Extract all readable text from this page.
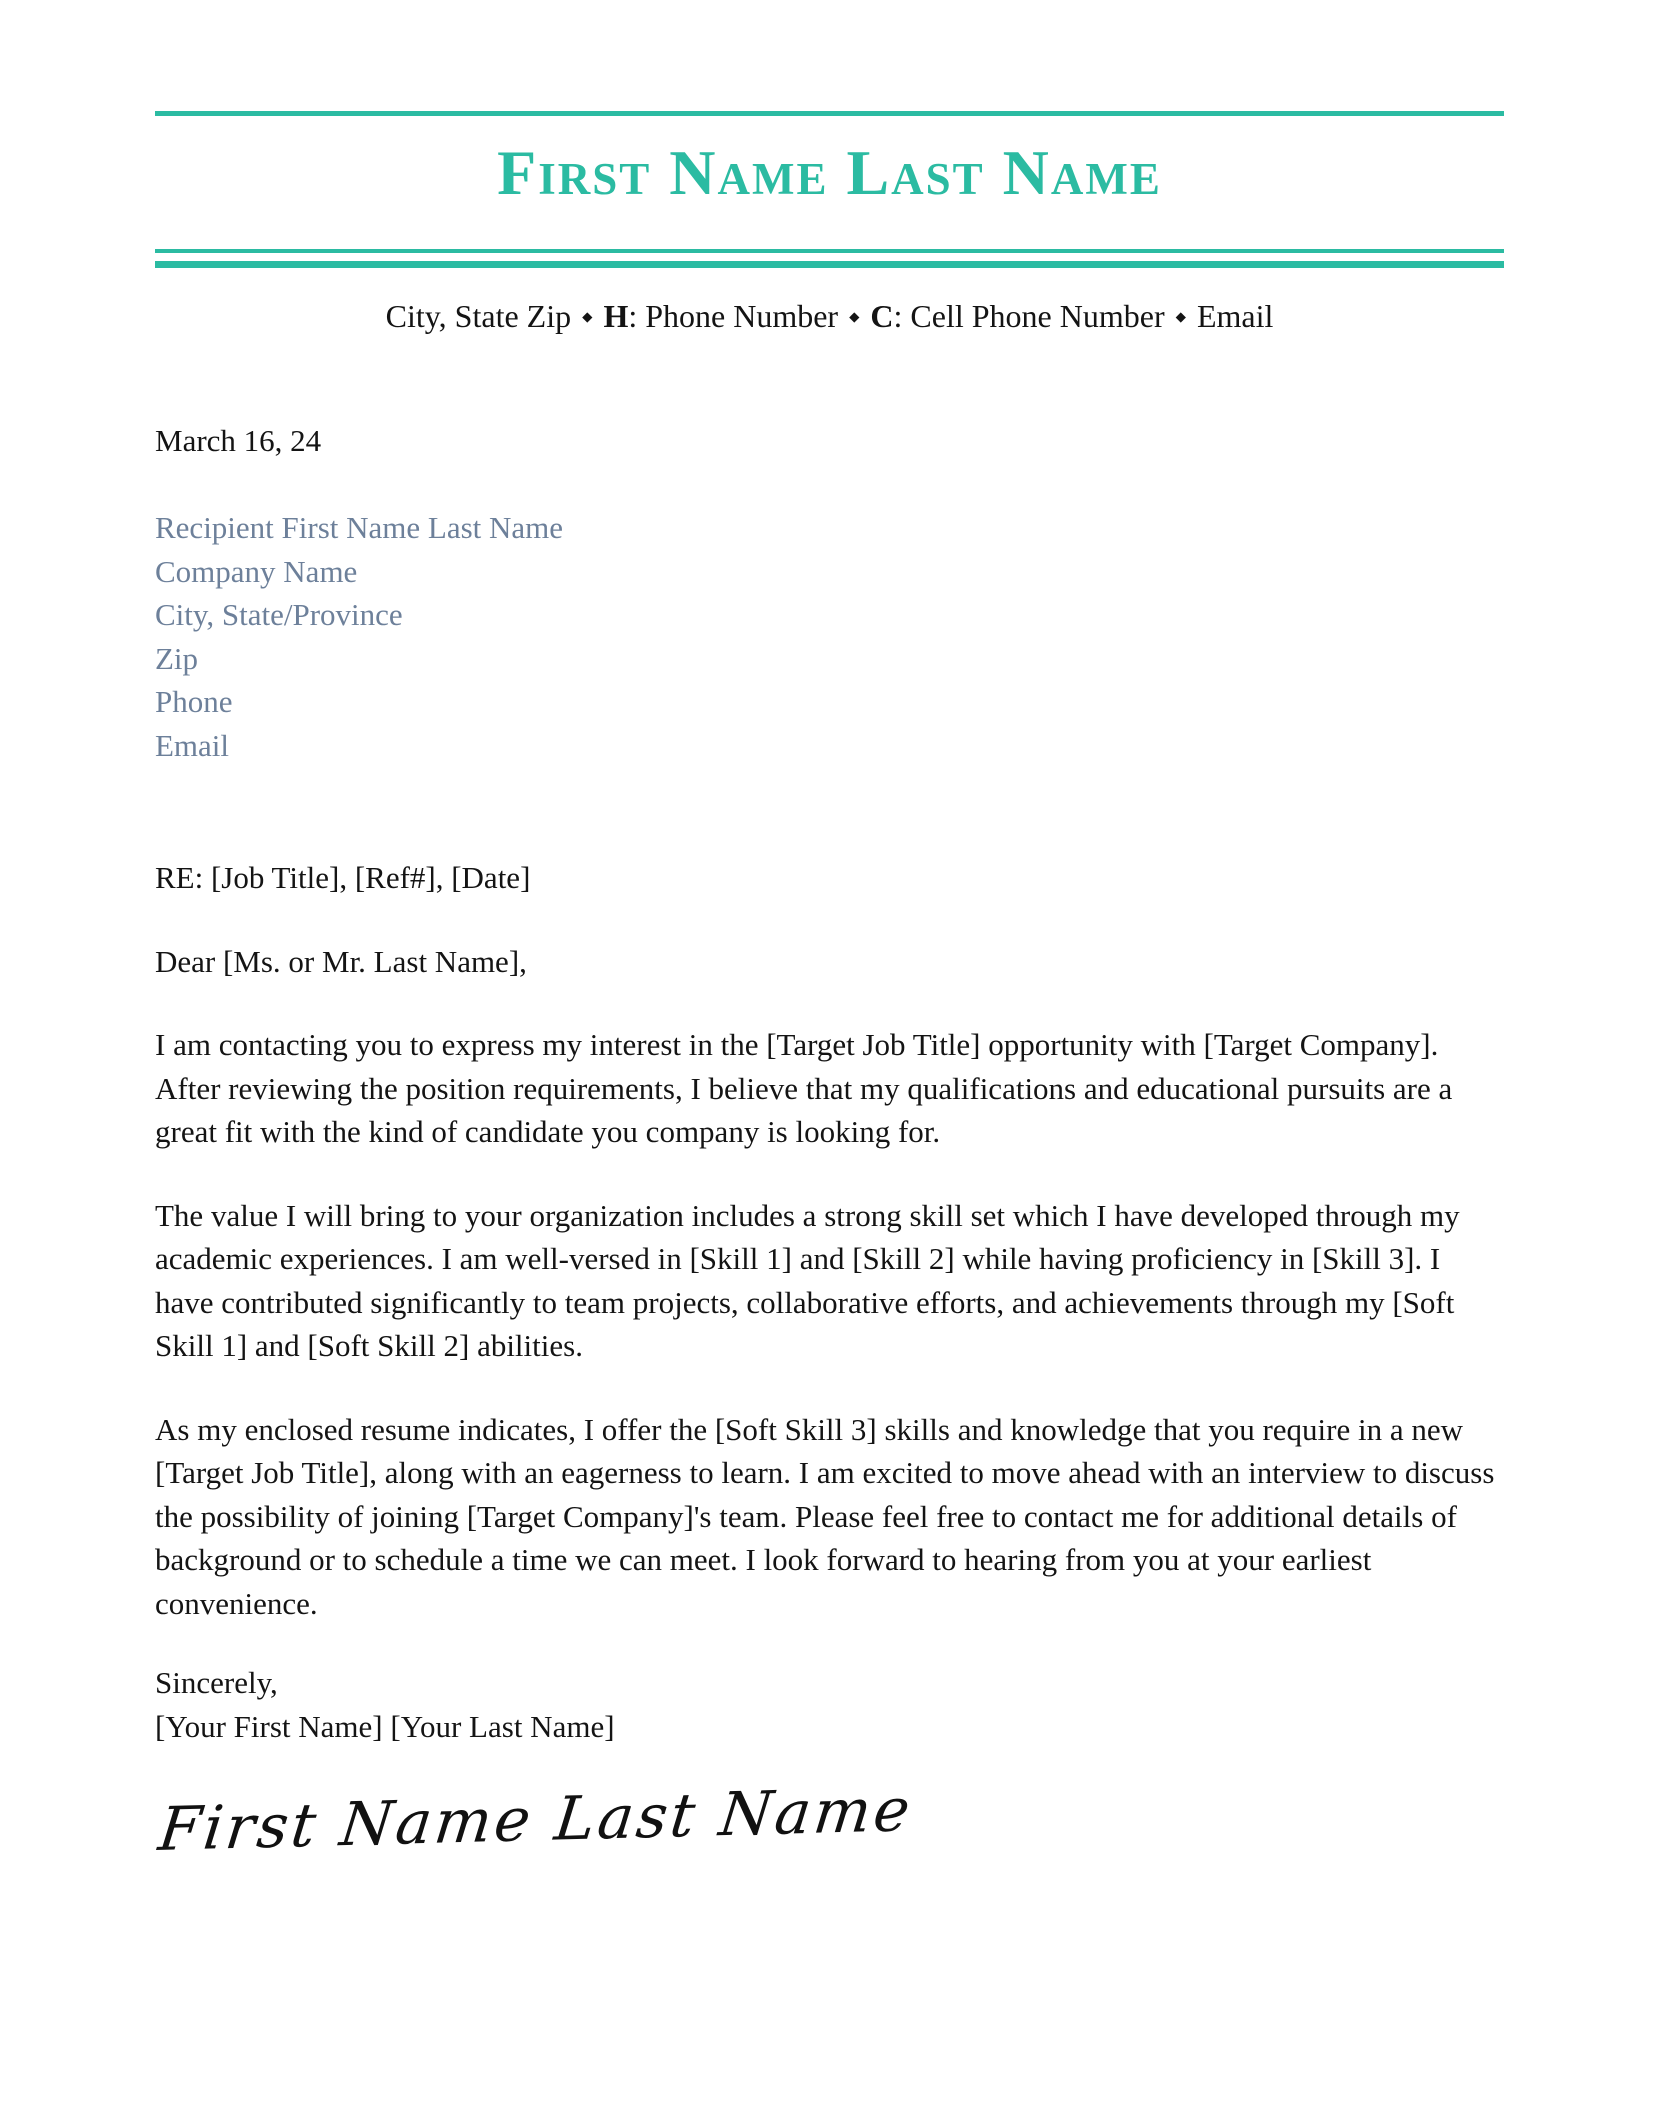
First Name Last Name

City, State Zip ◆ H: Phone Number ◆ C: Cell Phone Number ◆ Email

March 16, 24

Recipient First Name Last Name
Company Name
City, State/Province
Zip
Phone
Email

RE: [Job Title], [Ref#], [Date]

Dear [Ms. or Mr. Last Name],

I am contacting you to express my interest in the [Target Job Title] opportunity with [Target Company]. After reviewing the position requirements, I believe that my qualifications and educational pursuits are a great fit with the kind of candidate you company is looking for.

The value I will bring to your organization includes a strong skill set which I have developed through my academic experiences. I am well-versed in [Skill 1] and [Skill 2] while having proficiency in [Skill 3]. I have contributed significantly to team projects, collaborative efforts, and achievements through my [Soft Skill 1] and [Soft Skill 2] abilities.

As my enclosed resume indicates, I offer the [Soft Skill 3] skills and knowledge that you require in a new [Target Job Title], along with an eagerness to learn. I am excited to move ahead with an interview to discuss the possibility of joining [Target Company]'s team. Please feel free to contact me for additional details of background or to schedule a time we can meet. I look forward to hearing from you at your earliest convenience.

Sincerely,
[Your First Name] [Your Last Name]
First Name Last Name
